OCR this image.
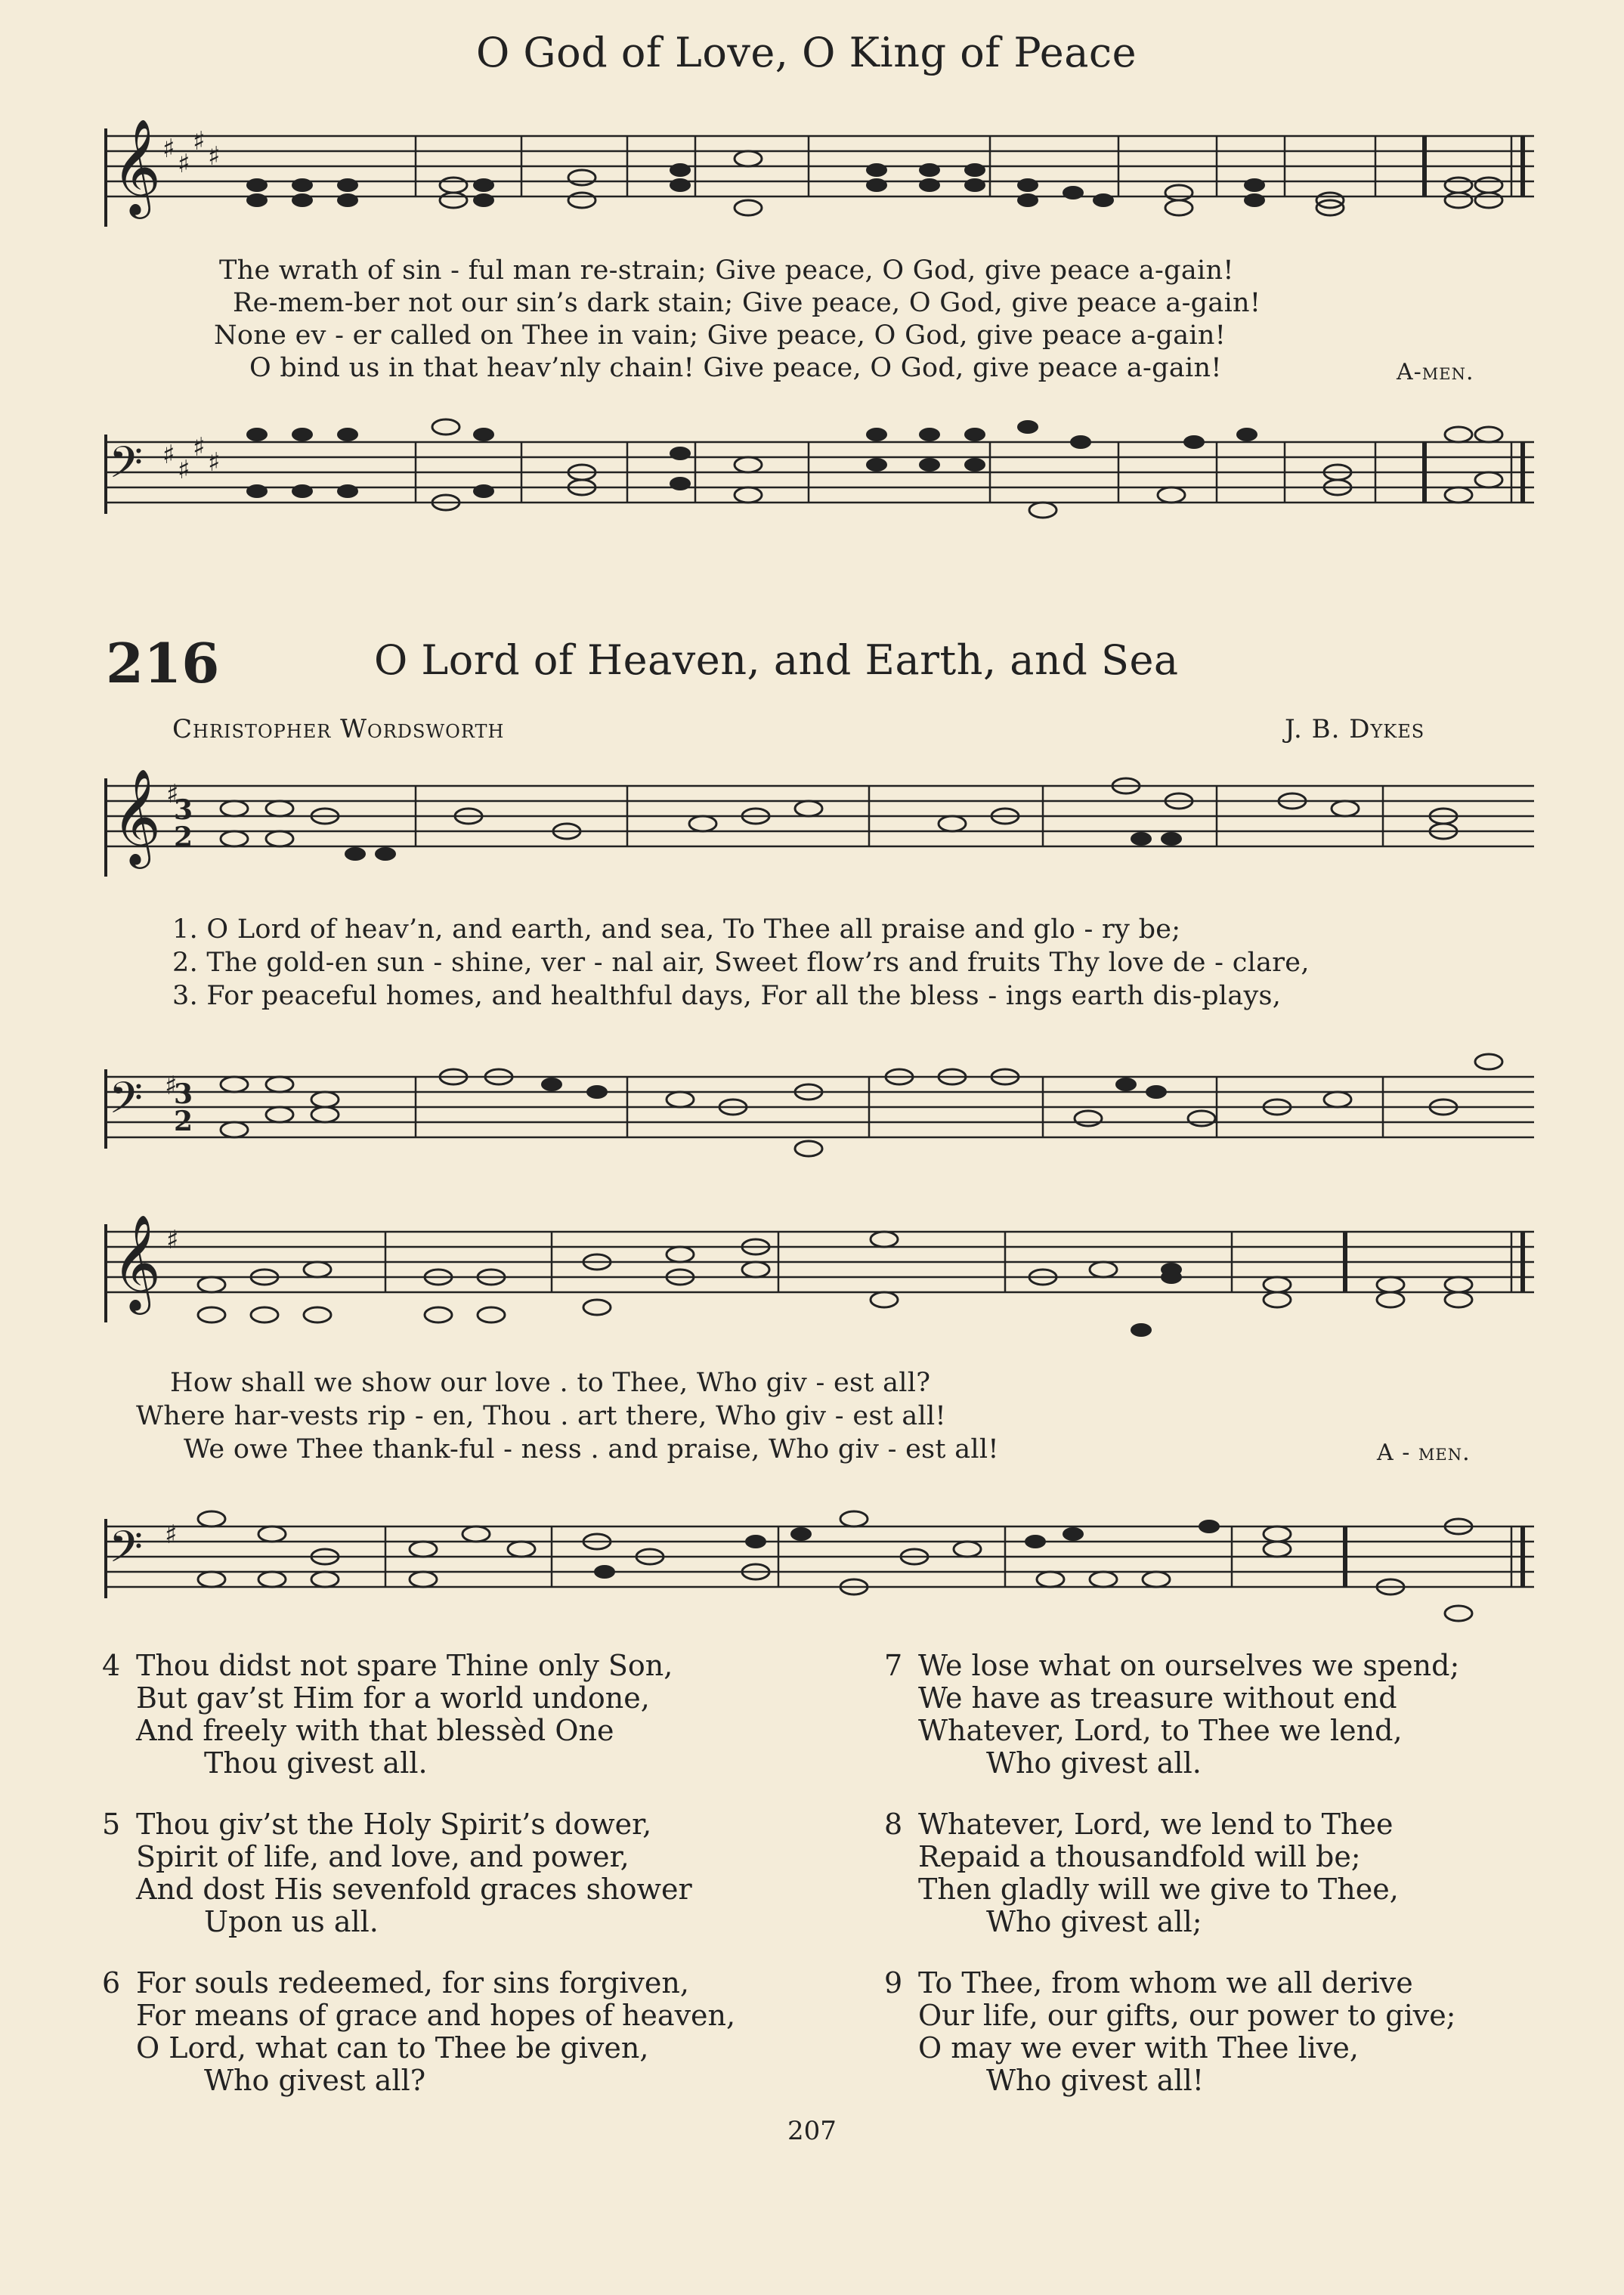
O God of Love, O King of Peace
𝄞 ♯ ♯
♯ ♯
The wrath of sin - ful man re-strain; Give peace, O God, give peace a-gain!
Re-mem-ber not our sin’s dark stain; Give peace, O God, give peace a-gain!
None ev - er called on Thee in vain; Give peace, O God, give peace a-gain!
O bind us in that heav’nly chain! Give peace, O God, give peace a-gain!	A-men.
𝄢 ♯ ♯
♯ ♯
216	O Lord of Heaven, and Earth, and Sea
Christopher Wordsworth	J. B. Dykes
𝄞 ♯
3
2
1. O Lord of heav’n, and earth, and sea, To Thee all praise and glo - ry be;
2. The gold-en sun - shine, ver - nal air, Sweet flow’rs and fruits Thy love de - clare,
3. For peaceful homes, and healthful days, For all the bless - ings earth dis-plays,
𝄢 ♯
3
2
𝄞 ♯
How shall we show our love . to Thee, Who giv - est all?
Where har-vests rip - en, Thou . art there, Who giv - est all!
We owe Thee thank-ful - ness . and praise, Who giv - est all!	A - men.
𝄢 ♯
4 Thou didst not spare Thine only Son,
But gav’st Him for a world undone,
And freely with that blessèd One
Thou givest all.
5 Thou giv’st the Holy Spirit’s dower,
Spirit of life, and love, and power,
And dost His sevenfold graces shower
Upon us all.
6 For souls redeemed, for sins forgiven,
For means of grace and hopes of heaven,
O Lord, what can to Thee be given,
Who givest all?
7 We lose what on ourselves we spend;
We have as treasure without end
Whatever, Lord, to Thee we lend,
Who givest all.
8 Whatever, Lord, we lend to Thee
Repaid a thousandfold will be;
Then gladly will we give to Thee,
Who givest all;
9 To Thee, from whom we all derive
Our life, our gifts, our power to give;
O may we ever with Thee live,
Who givest all!
207
